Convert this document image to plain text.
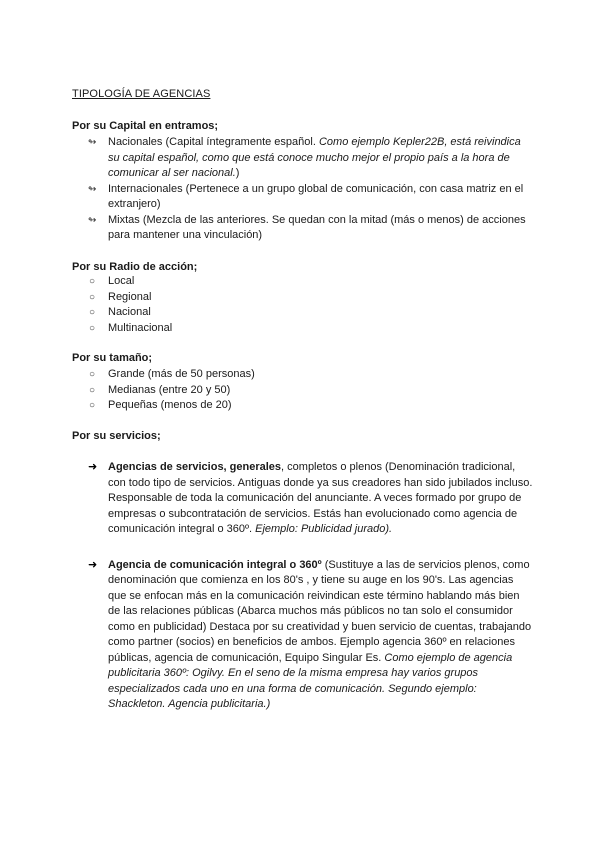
TIPOLOGÍA DE AGENCIAS
Por su Capital en entramos;
↬ Nacionales (Capital íntegramente español. Como ejemplo Kepler22B, está reivindica su capital español, como que está conoce mucho mejor el propio país a la hora de comunicar al ser nacional.)
↬ Internacionales (Pertenece a un grupo global de comunicación, con casa matriz en el extranjero)
↬ Mixtas (Mezcla de las anteriores. Se quedan con la mitad (más o menos) de acciones para mantener una vinculación)
Por su Radio de acción;
○ Local
○ Regional
○ Nacional
○ Multinacional
Por su tamaño;
○ Grande (más de 50 personas)
○ Medianas (entre 20 y 50)
○ Pequeñas (menos de 20)
Por su servicios;
➜ Agencias de servicios, generales, completos o plenos (Denominación tradicional, con todo tipo de servicios. Antiguas donde ya sus creadores han sido jubilados incluso. Responsable de toda la comunicación del anunciante. A veces formado por grupo de empresas o subcontratación de servicios. Estás han evolucionado como agencia de comunicación integral o 360º. Ejemplo: Publicidad jurado).
➜ Agencia de comunicación integral o 360º (Sustituye a las de servicios plenos, como denominación que comienza en los 80's , y tiene su auge en los 90's. Las agencias que se enfocan más en la comunicación reivindican este término hablando más bien de las relaciones públicas (Abarca muchos más públicos no tan solo el consumidor como en publicidad) Destaca por su creatividad y buen servicio de cuentas, trabajando como partner (socios) en beneficios de ambos. Ejemplo agencia 360º en relaciones públicas, agencia de comunicación, Equipo Singular Es. Como ejemplo de agencia publicitaria 360º: Ogilvy. En el seno de la misma empresa hay varios grupos especializados cada uno en una forma de comunicación. Segundo ejemplo: Shackleton. Agencia publicitaria.)
